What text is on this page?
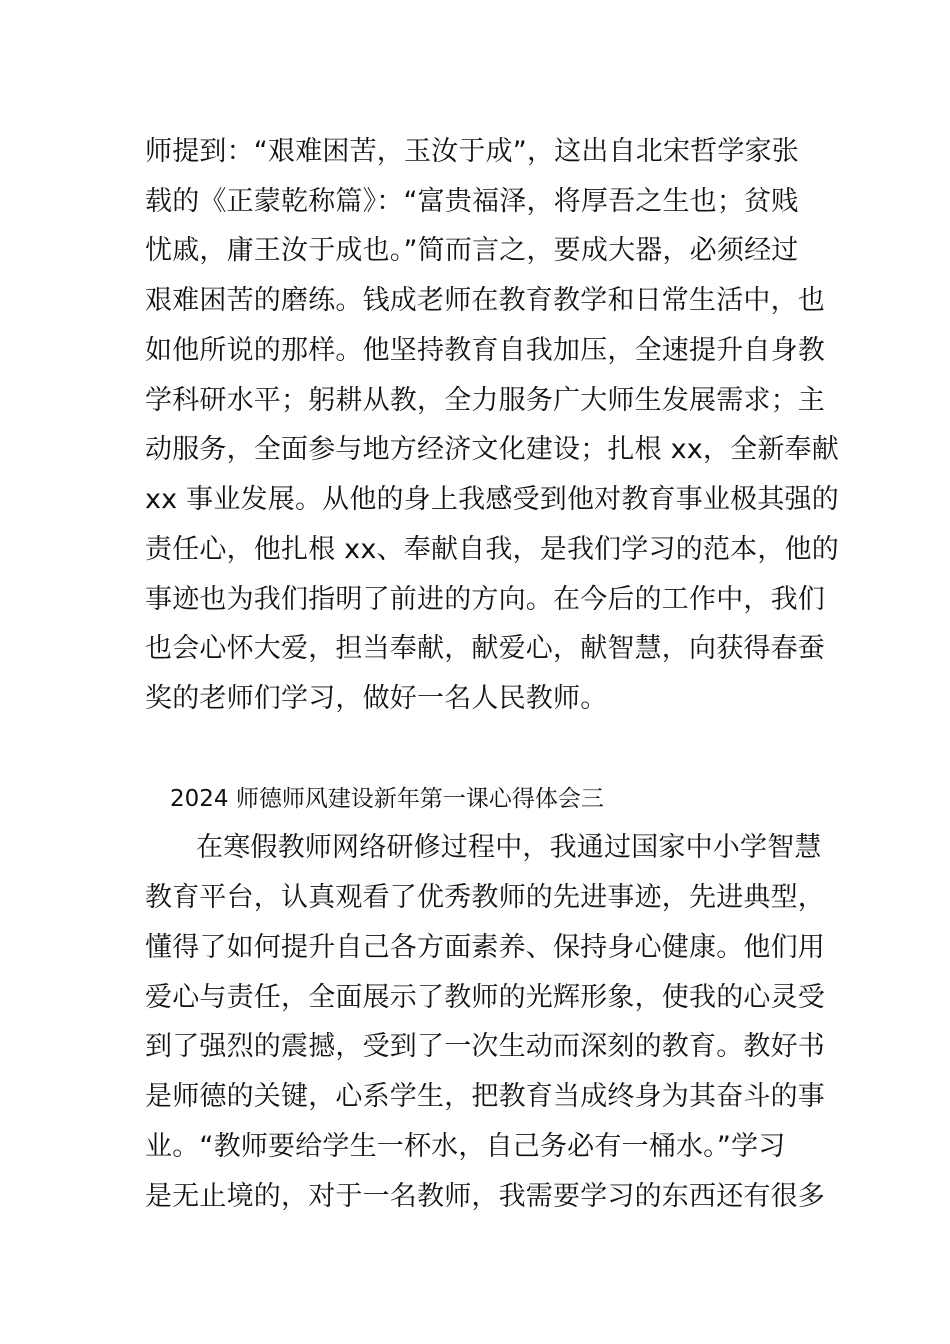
师提到：“艰难困苦，玉汝于成”，这出自北宋哲学家张
载的《正蒙乾称篇》：“富贵福泽，将厚吾之生也；贫贱
忧戚，庸王汝于成也。”简而言之，要成大器，必须经过
艰难困苦的磨练。钱成老师在教育教学和日常生活中，也
如他所说的那样。他坚持教育自我加压，全速提升自身教
学科研水平；躬耕从教，全力服务广大师生发展需求；主
动服务，全面参与地方经济文化建设；扎根 xx，全新奉献
xx 事业发展。从他的身上我感受到他对教育事业极其强的
责任心，他扎根 xx、奉献自我，是我们学习的范本，他的
事迹也为我们指明了前进的方向。在今后的工作中，我们
也会心怀大爱，担当奉献，献爱心，献智慧，向获得春蚕
奖的老师们学习，做好一名人民教师。
2024 师德师风建设新年第一课心得体会三
在寒假教师网络研修过程中，我通过国家中小学智慧
教育平台，认真观看了优秀教师的先进事迹，先进典型，
懂得了如何提升自己各方面素养、保持身心健康。他们用
爱心与责任，全面展示了教师的光辉形象，使我的心灵受
到了强烈的震撼，受到了一次生动而深刻的教育。教好书
是师德的关键，心系学生，把教育当成终身为其奋斗的事
业。“教师要给学生一杯水，自己务必有一桶水。”学习
是无止境的，对于一名教师，我需要学习的东西还有很多
